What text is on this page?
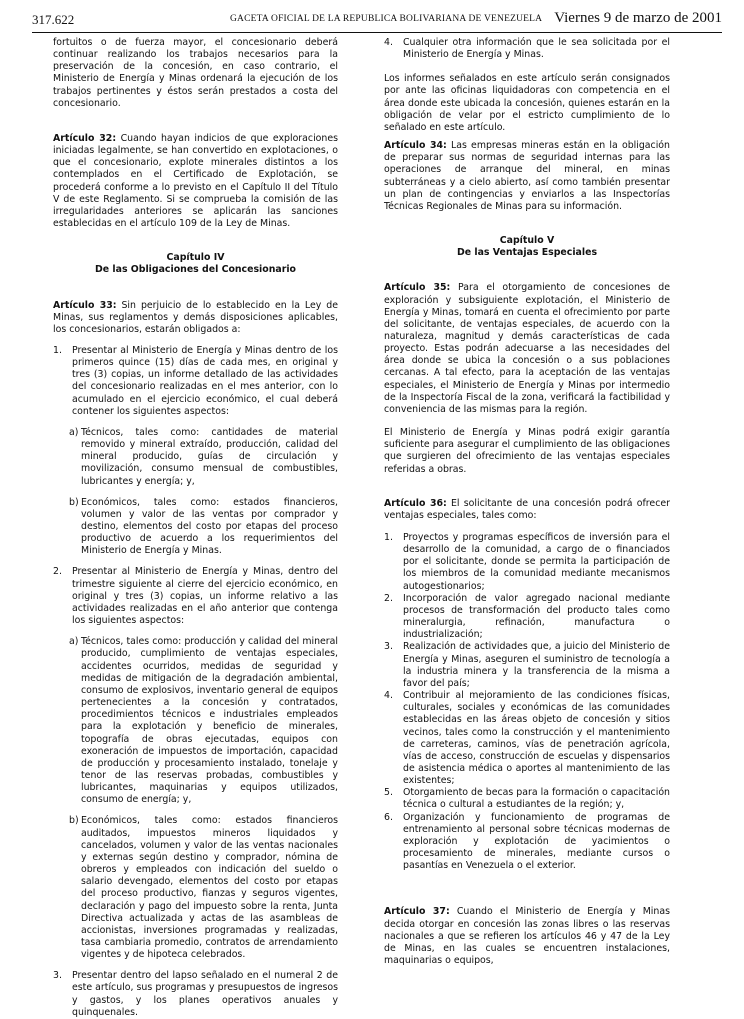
317.622	GACETA OFICIAL DE LA REPUBLICA BOLIVARIANA DE VENEZUELA Viernes 9 de marzo de 2001
fortuitos o de fuerza mayor, el concesionario deberá continuar realizando los trabajos necesarios para la preservación de la concesión, en caso contrario, el Ministerio de Energía y Minas ordenará la ejecución de los trabajos pertinentes y éstos serán prestados a costa del concesionario.
Artículo 32: Cuando hayan indicios de que exploraciones iniciadas legalmente, se han convertido en explotaciones, o que el concesionario, explote minerales distintos a los contemplados en el Certificado de Explotación, se procederá conforme a lo previsto en el Capítulo II del Título V de este Reglamento. Si se comprueba la comisión de las irregularidades anteriores se aplicarán las sanciones establecidas en el artículo 109 de la Ley de Minas.
Capítulo IV
De las Obligaciones del Concesionario
Artículo 33: Sin perjuicio de lo establecido en la Ley de Minas, sus reglamentos y demás disposiciones aplicables, los concesionarios, estarán obligados a:
1. Presentar al Ministerio de Energía y Minas dentro de los primeros quince (15) días de cada mes, en original y tres (3) copias, un informe detallado de las actividades del concesionario realizadas en el mes anterior, con lo acumulado en el ejercicio económico, el cual deberá contener los siguientes aspectos:
a) Técnicos, tales como: cantidades de material removido y mineral extraído, producción, calidad del mineral producido, guías de circulación y movilización, consumo mensual de combustibles, lubricantes y energía; y,
b) Económicos, tales como: estados financieros, volumen y valor de las ventas por comprador y destino, elementos del costo por etapas del proceso productivo de acuerdo a los requerimientos del Ministerio de Energía y Minas.
2. Presentar al Ministerio de Energía y Minas, dentro del trimestre siguiente al cierre del ejercicio económico, en original y tres (3) copias, un informe relativo a las actividades realizadas en el año anterior que contenga los siguientes aspectos:
a) Técnicos, tales como: producción y calidad del mineral producido, cumplimiento de ventajas especiales, accidentes ocurridos, medidas de seguridad y medidas de mitigación de la degradación ambiental, consumo de explosivos, inventario general de equipos pertenecientes a la concesión y contratados, procedimientos técnicos e industriales empleados para la explotación y beneficio de minerales, topografía de obras ejecutadas, equipos con exoneración de impuestos de importación, capacidad de producción y procesamiento instalado, tonelaje y tenor de las reservas probadas, combustibles y lubricantes, maquinarias y equipos utilizados, consumo de energía; y,
b) Económicos, tales como: estados financieros auditados, impuestos mineros liquidados y cancelados, volumen y valor de las ventas nacionales y externas según destino y comprador, nómina de obreros y empleados con indicación del sueldo o salario devengado, elementos del costo por etapas del proceso productivo, fianzas y seguros vigentes, declaración y pago del impuesto sobre la renta, Junta Directiva actualizada y actas de las asambleas de accionistas, inversiones programadas y realizadas, tasa cambiaria promedio, contratos de arrendamiento vigentes y de hipoteca celebrados.
3. Presentar dentro del lapso señalado en el numeral 2 de este artículo, sus programas y presupuestos de ingresos y gastos, y los planes operativos anuales y quinquenales.
4. Cualquier otra información que le sea solicitada por el Ministerio de Energía y Minas.
Los informes señalados en este artículo serán consignados por ante las oficinas liquidadoras con competencia en el área donde este ubicada la concesión, quienes estarán en la obligación de velar por el estricto cumplimiento de lo señalado en este artículo.
Artículo 34: Las empresas mineras están en la obligación de preparar sus normas de seguridad internas para las operaciones de arranque del mineral, en minas subterráneas y a cielo abierto, así como también presentar un plan de contingencias y enviarlos a las Inspectorías Técnicas Regionales de Minas para su información.
Capítulo V
De las Ventajas Especiales
Artículo 35: Para el otorgamiento de concesiones de exploración y subsiguiente explotación, el Ministerio de Energía y Minas, tomará en cuenta el ofrecimiento por parte del solicitante, de ventajas especiales, de acuerdo con la naturaleza, magnitud y demás características de cada proyecto. Estas podrán adecuarse a las necesidades del área donde se ubica la concesión o a sus poblaciones cercanas. A tal efecto, para la aceptación de las ventajas especiales, el Ministerio de Energía y Minas por intermedio de la Inspectoría Fiscal de la zona, verificará la factibilidad y conveniencia de las mismas para la región.
El Ministerio de Energía y Minas podrá exigir garantía suficiente para asegurar el cumplimiento de las obligaciones que surgieren del ofrecimiento de las ventajas especiales referidas a obras.
Artículo 36: El solicitante de una concesión podrá ofrecer ventajas especiales, tales como:
1. Proyectos y programas específicos de inversión para el desarrollo de la comunidad, a cargo de o financiados por el solicitante, donde se permita la participación de los miembros de la comunidad mediante mecanismos autogestionarios;
2. Incorporación de valor agregado nacional mediante procesos de transformación del producto tales como mineralurgia, refinación, manufactura o industrialización;
3. Realización de actividades que, a juicio del Ministerio de Energía y Minas, aseguren el suministro de tecnología a la industria minera y la transferencia de la misma a favor del país;
4. Contribuir al mejoramiento de las condiciones físicas, culturales, sociales y económicas de las comunidades establecidas en las áreas objeto de concesión y sitios vecinos, tales como la construcción y el mantenimiento de carreteras, caminos, vías de penetración agrícola, vías de acceso, construcción de escuelas y dispensarios de asistencia médica o aportes al mantenimiento de las existentes;
5. Otorgamiento de becas para la formación o capacitación técnica o cultural a estudiantes de la región; y,
6. Organización y funcionamiento de programas de entrenamiento al personal sobre técnicas modernas de exploración y explotación de yacimientos o procesamiento de minerales, mediante cursos o pasantías en Venezuela o el exterior.
Artículo 37: Cuando el Ministerio de Energía y Minas decida otorgar en concesión las zonas libres o las reservas nacionales a que se refieren los artículos 46 y 47 de la Ley de Minas, en las cuales se encuentren instalaciones, maquinarias o equipos,
